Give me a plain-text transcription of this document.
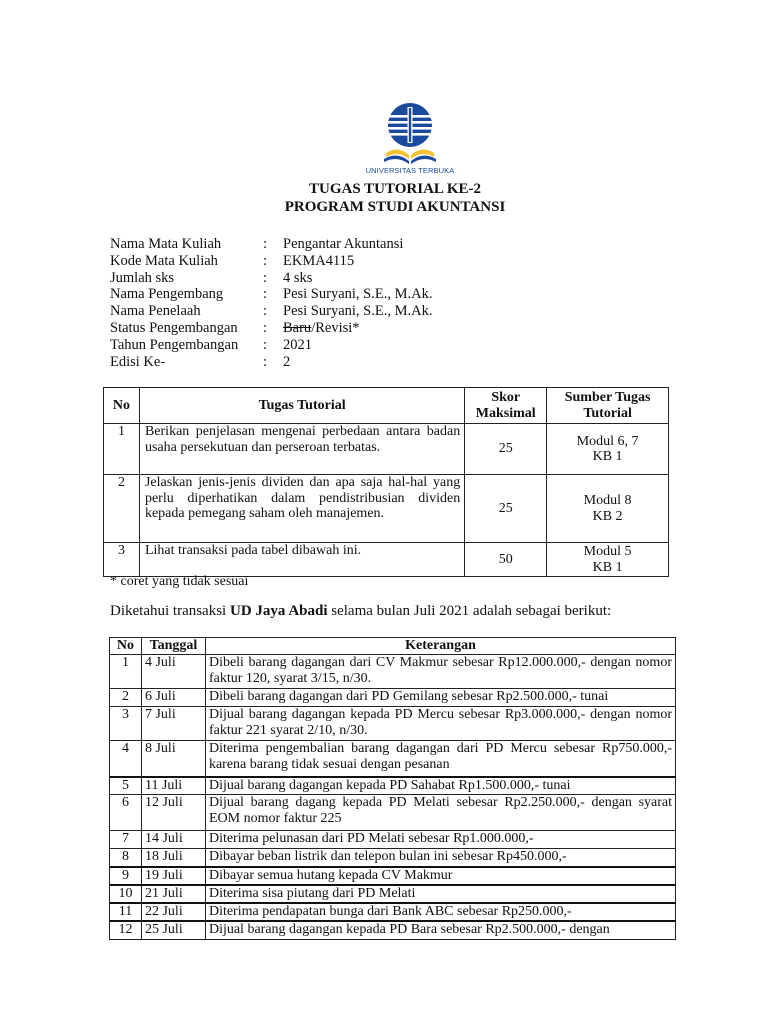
UNIVERSITAS TERBUKA
TUGAS TUTORIAL KE-2
PROGRAM STUDI AKUNTANSI
Nama Mata Kuliah	:	Pengantar Akuntansi
Kode Mata Kuliah	:	EKMA4115
Jumlah sks	:	4 sks
Nama Pengembang	:	Pesi Suryani, S.E., M.Ak.
Nama Penelaah	:	Pesi Suryani, S.E., M.Ak.
Status Pengembangan	:	Baru/Revisi*
Tahun Pengembangan	:	2021
Edisi Ke-	:	2
No	Tugas Tutorial	Skor Maksimal	Sumber Tugas Tutorial
1	Berikan penjelasan mengenai perbedaan antara badan usaha persekutuan dan perseroan terbatas.	25	Modul 6, 7
KB 1

2	Jelaskan jenis-jenis dividen dan apa saja hal-hal yang perlu diperhatikan dalam pendistribusian dividen kepada pemegang saham oleh manajemen.	25	Modul 8
KB 2

3	Lihat transaksi pada tabel dibawah ini.	50	Modul 5
KB 1
* coret yang tidak sesuai
Diketahui transaksi UD Jaya Abadi selama bulan Juli 2021 adalah sebagai berikut:
No	Tanggal	Keterangan
1	4 Juli	Dibeli barang dagangan dari CV Makmur sebesar Rp12.000.000,- dengan nomor faktur 120, syarat 3/15, n/30.
2	6 Juli	Dibeli barang dagangan dari PD Gemilang sebesar Rp2.500.000,- tunai
3	7 Juli	Dijual barang dagangan kepada PD Mercu sebesar Rp3.000.000,- dengan nomor faktur 221 syarat 2/10, n/30.
4	8 Juli	Diterima pengembalian barang dagangan dari PD Mercu sebesar Rp750.000,- karena barang tidak sesuai dengan pesanan
5	11 Juli	Dijual barang dagangan kepada PD Sahabat Rp1.500.000,- tunai
6	12 Juli	Dijual barang dagang kepada PD Melati sebesar Rp2.250.000,- dengan syarat EOM nomor faktur 225
7	14 Juli	Diterima pelunasan dari PD Melati sebesar Rp1.000.000,-
8	18 Juli	Dibayar beban listrik dan telepon bulan ini sebesar Rp450.000,-
9	19 Juli	Dibayar semua hutang kepada CV Makmur
10	21 Juli	Diterima sisa piutang dari PD Melati
11	22 Juli	Diterima pendapatan bunga dari Bank ABC sebesar Rp250.000,-
12	25 Juli	Dijual barang dagangan kepada PD Bara sebesar Rp2.500.000,- dengan
